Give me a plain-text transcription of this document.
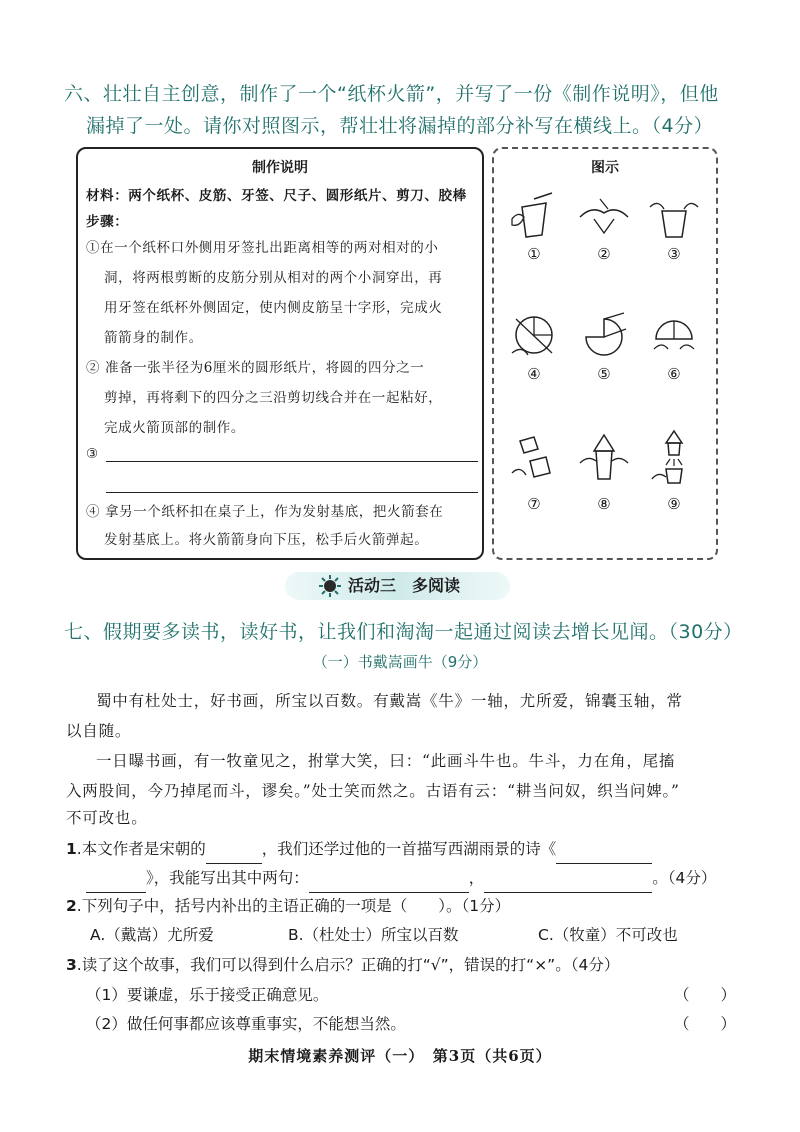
六、壮壮自主创意，制作了一个“纸杯火箭”，并写了一份《制作说明》，但他
漏掉了一处。请你对照图示，帮壮壮将漏掉的部分补写在横线上。（4分）
制作说明
材料：两个纸杯、皮筋、牙签、尺子、圆形纸片、剪刀、胶棒
步骤：
①在一个纸杯口外侧用牙签扎出距离相等的两对相对的小
洞，将两根剪断的皮筋分别从相对的两个小洞穿出，再
用牙签在纸杯外侧固定，使内侧皮筋呈十字形，完成火
箭箭身的制作。
② 准备一张半径为6厘米的圆形纸片，将圆的四分之一
剪掉，再将剩下的四分之三沿剪切线合并在一起粘好，
完成火箭顶部的制作。
③
④ 拿另一个纸杯扣在桌子上，作为发射基底，把火箭套在
发射基底上。将火箭箭身向下压，松手后火箭弹起。
图示
①	②	③
④	⑤	⑥
⑦	⑧	⑨
活动三　多阅读
七、假期要多读书，读好书，让我们和淘淘一起通过阅读去增长见闻。（30分）
（一）书戴嵩画牛（9分）
蜀中有杜处士，好书画，所宝以百数。有戴嵩《牛》一轴，尤所爱，锦囊玉轴，常
以自随。
一日曝书画，有一牧童见之，拊掌大笑，曰：“此画斗牛也。牛斗，力在角，尾搐
入两股间，今乃掉尾而斗，谬矣。”处士笑而然之。古语有云：“耕当问奴，织当问婢。”
不可改也。
1.本文作者是宋朝的	，我们还学过他的一首描写西湖雨景的诗《
》，我能写出其中两句：	，	。（4分）
2.下列句子中，括号内补出的主语正确的一项是（　　）。（1分）
A.（戴嵩）尤所爱	B.（杜处士）所宝以百数	C.（牧童）不可改也
3.读了这个故事，我们可以得到什么启示？正确的打“√”，错误的打“×”。（4分）
（1）要谦虚，乐于接受正确意见。	（　　）
（2）做任何事都应该尊重事实，不能想当然。	（　　）
期末情境素养测评（一）　第3页（共6页）
